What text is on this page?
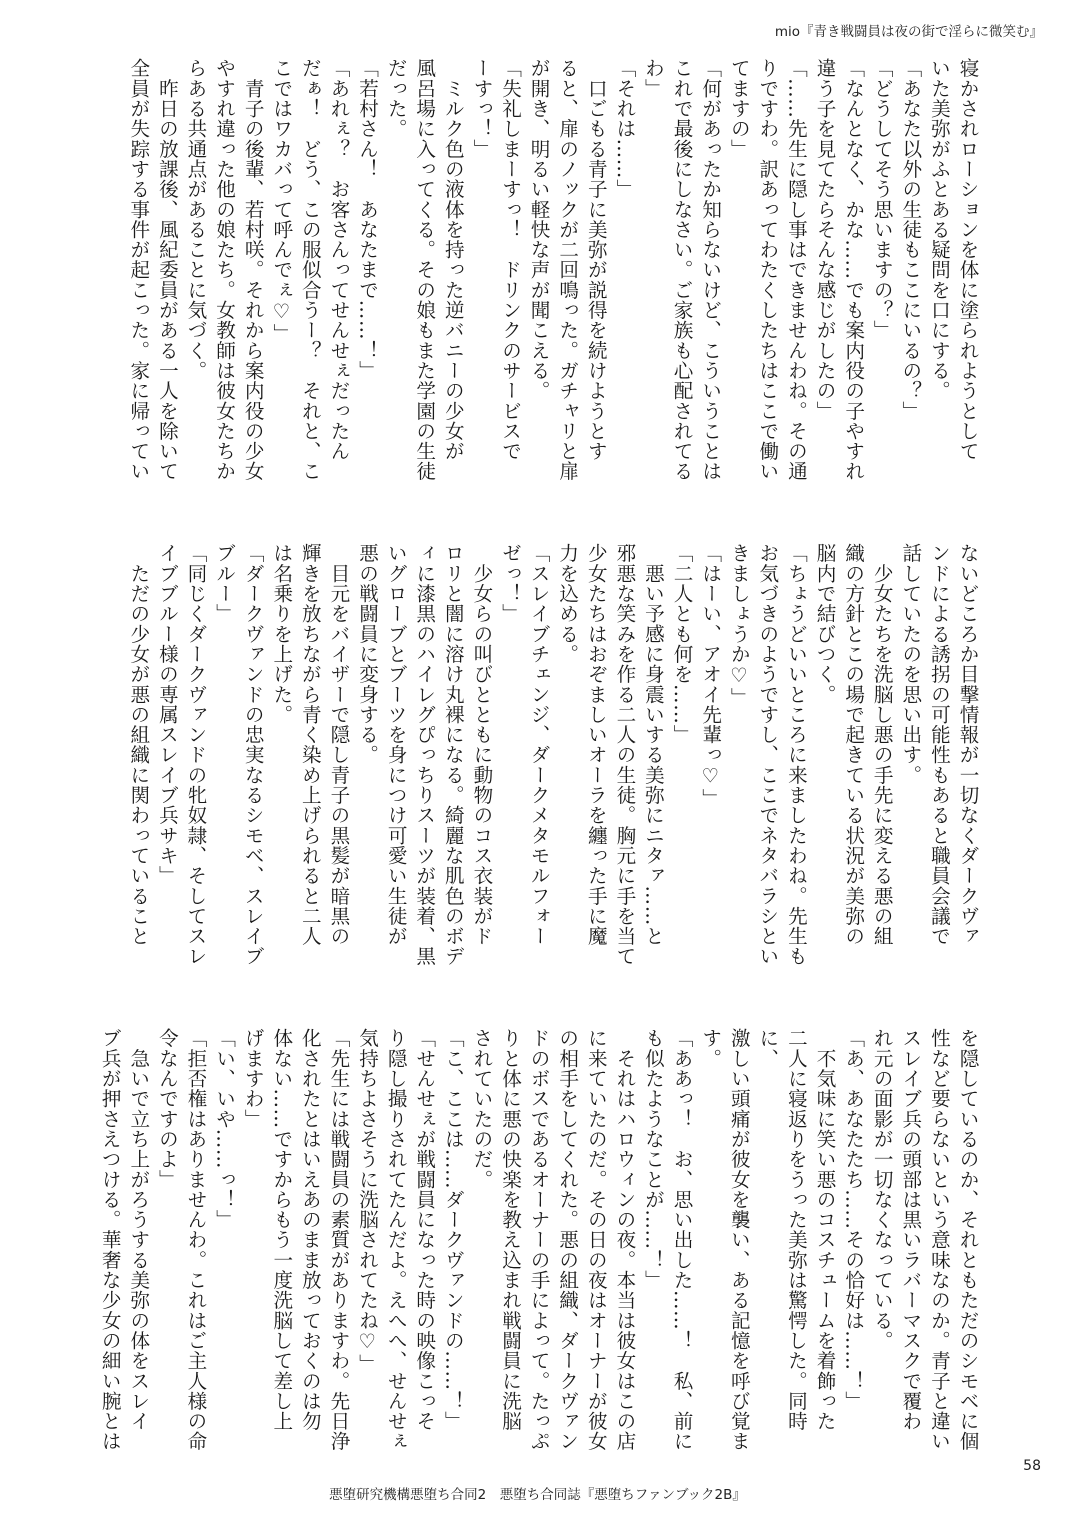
mio『青き戦闘員は夜の街で淫らに微笑む』

寝かされローションを体に塗られようとして

いた美弥がふとある疑問を口にする。

「あなた以外の生徒もここにいるの？」

「どうしてそう思いますの？」

「なんとなく、かな……でも案内役の子やすれ

違う子を見てたらそんな感じがしたの」

「……先生に隠し事はできませんわね。その通

りですわ。訳あってわたくしたちはここで働い

てますの」

「何があったか知らないけど、こういうことは

これで最後にしなさい。ご家族も心配されてる

わ」

「それは……」

　口ごもる青子に美弥が説得を続けようとす

ると、扉のノックが二回鳴った。ガチャリと扉

が開き、明るい軽快な声が聞こえる。

「失礼しまーすっ！　ドリンクのサービスで

ーすっ！」

　ミルク色の液体を持った逆バニーの少女が

風呂場に入ってくる。その娘もまた学園の生徒

だった。

「若村さん！　あなたまで……！」

「あれぇ？　お客さんってせんせぇだったん

だぁ！　どう、この服似合うー？　それと、こ

こではワカバって呼んでぇ♡」

　青子の後輩、若村咲。それから案内役の少女

やすれ違った他の娘たち。女教師は彼女たちか

らある共通点があることに気づく。

　昨日の放課後、風紀委員がある一人を除いて

全員が失踪する事件が起こった。家に帰ってい

ないどころか目撃情報が一切なくダークヴァ

ンドによる誘拐の可能性もあると職員会議で

話していたのを思い出す。

　少女たちを洗脳し悪の手先に変える悪の組

織の方針とこの場で起きている状況が美弥の

脳内で結びつく。

「ちょうどいいところに来ましたわね。先生も

お気づきのようですし、ここでネタバラシとい

きましょうか♡」

「はーい、アオイ先輩っ♡」

「二人とも何を……」

　悪い予感に身震いする美弥にニタァ……と

邪悪な笑みを作る二人の生徒。胸元に手を当て

少女たちはおぞましいオーラを纏った手に魔

力を込める。

「スレイブチェンジ、ダークメタモルフォー

ゼっ！」

　少女らの叫びとともに動物のコス衣装がド

ロリと闇に溶け丸裸になる。綺麗な肌色のボデ

ィに漆黒のハイレグぴっちりスーツが装着、黒

いグローブとブーツを身につけ可愛い生徒が

悪の戦闘員に変身する。

　目元をバイザーで隠し青子の黒髪が暗黒の

輝きを放ちながら青く染め上げられると二人

は名乗りを上げた。

「ダークヴァンドの忠実なるシモベ、スレイブ

ブルー」

「同じくダークヴァンドの牝奴隷、そしてスレ

イブブルー様の専属スレイブ兵サキ」

　ただの少女が悪の組織に関わっていること

を隠しているのか、それともただのシモベに個

性など要らないという意味なのか。青子と違い

スレイブ兵の頭部は黒いラバーマスクで覆わ

れ元の面影が一切なくなっている。

「あ、あなたたち……その恰好は……！」

　不気味に笑い悪のコスチュームを着飾った

二人に寝返りをうった美弥は驚愕した。同時に、

激しい頭痛が彼女を襲い、ある記憶を呼び覚ま

す。

「ああっ！　お、思い出した……！　私、前に

も似たようなことが……！」

　それはハロウィンの夜。本当は彼女はこの店

に来ていたのだ。その日の夜はオーナーが彼女

の相手をしてくれた。悪の組織、ダークヴァン

ドのボスであるオーナーの手によって。たっぷ

りと体に悪の快楽を教え込まれ戦闘員に洗脳

されていたのだ。

「こ、ここは……ダークヴァンドの……！」

「せんせぇが戦闘員になった時の映像こっそ

り隠し撮りされてたんだよ。えへへ、せんせぇ

気持ちよさそうに洗脳されてたね♡」

「先生には戦闘員の素質がありますわ。先日浄

化されたとはいえあのまま放っておくのは勿

体ない……ですからもう一度洗脳して差し上

げますわ」

「い、いや……っ！」

「拒否権はありませんわ。これはご主人様の命

令なんですのよ」

　急いで立ち上がろうする美弥の体をスレイ

ブ兵が押さえつける。華奢な少女の細い腕とは

58
悪堕研究機構悪堕ち合同2　悪堕ち合同誌『悪堕ちファンブック2B』
